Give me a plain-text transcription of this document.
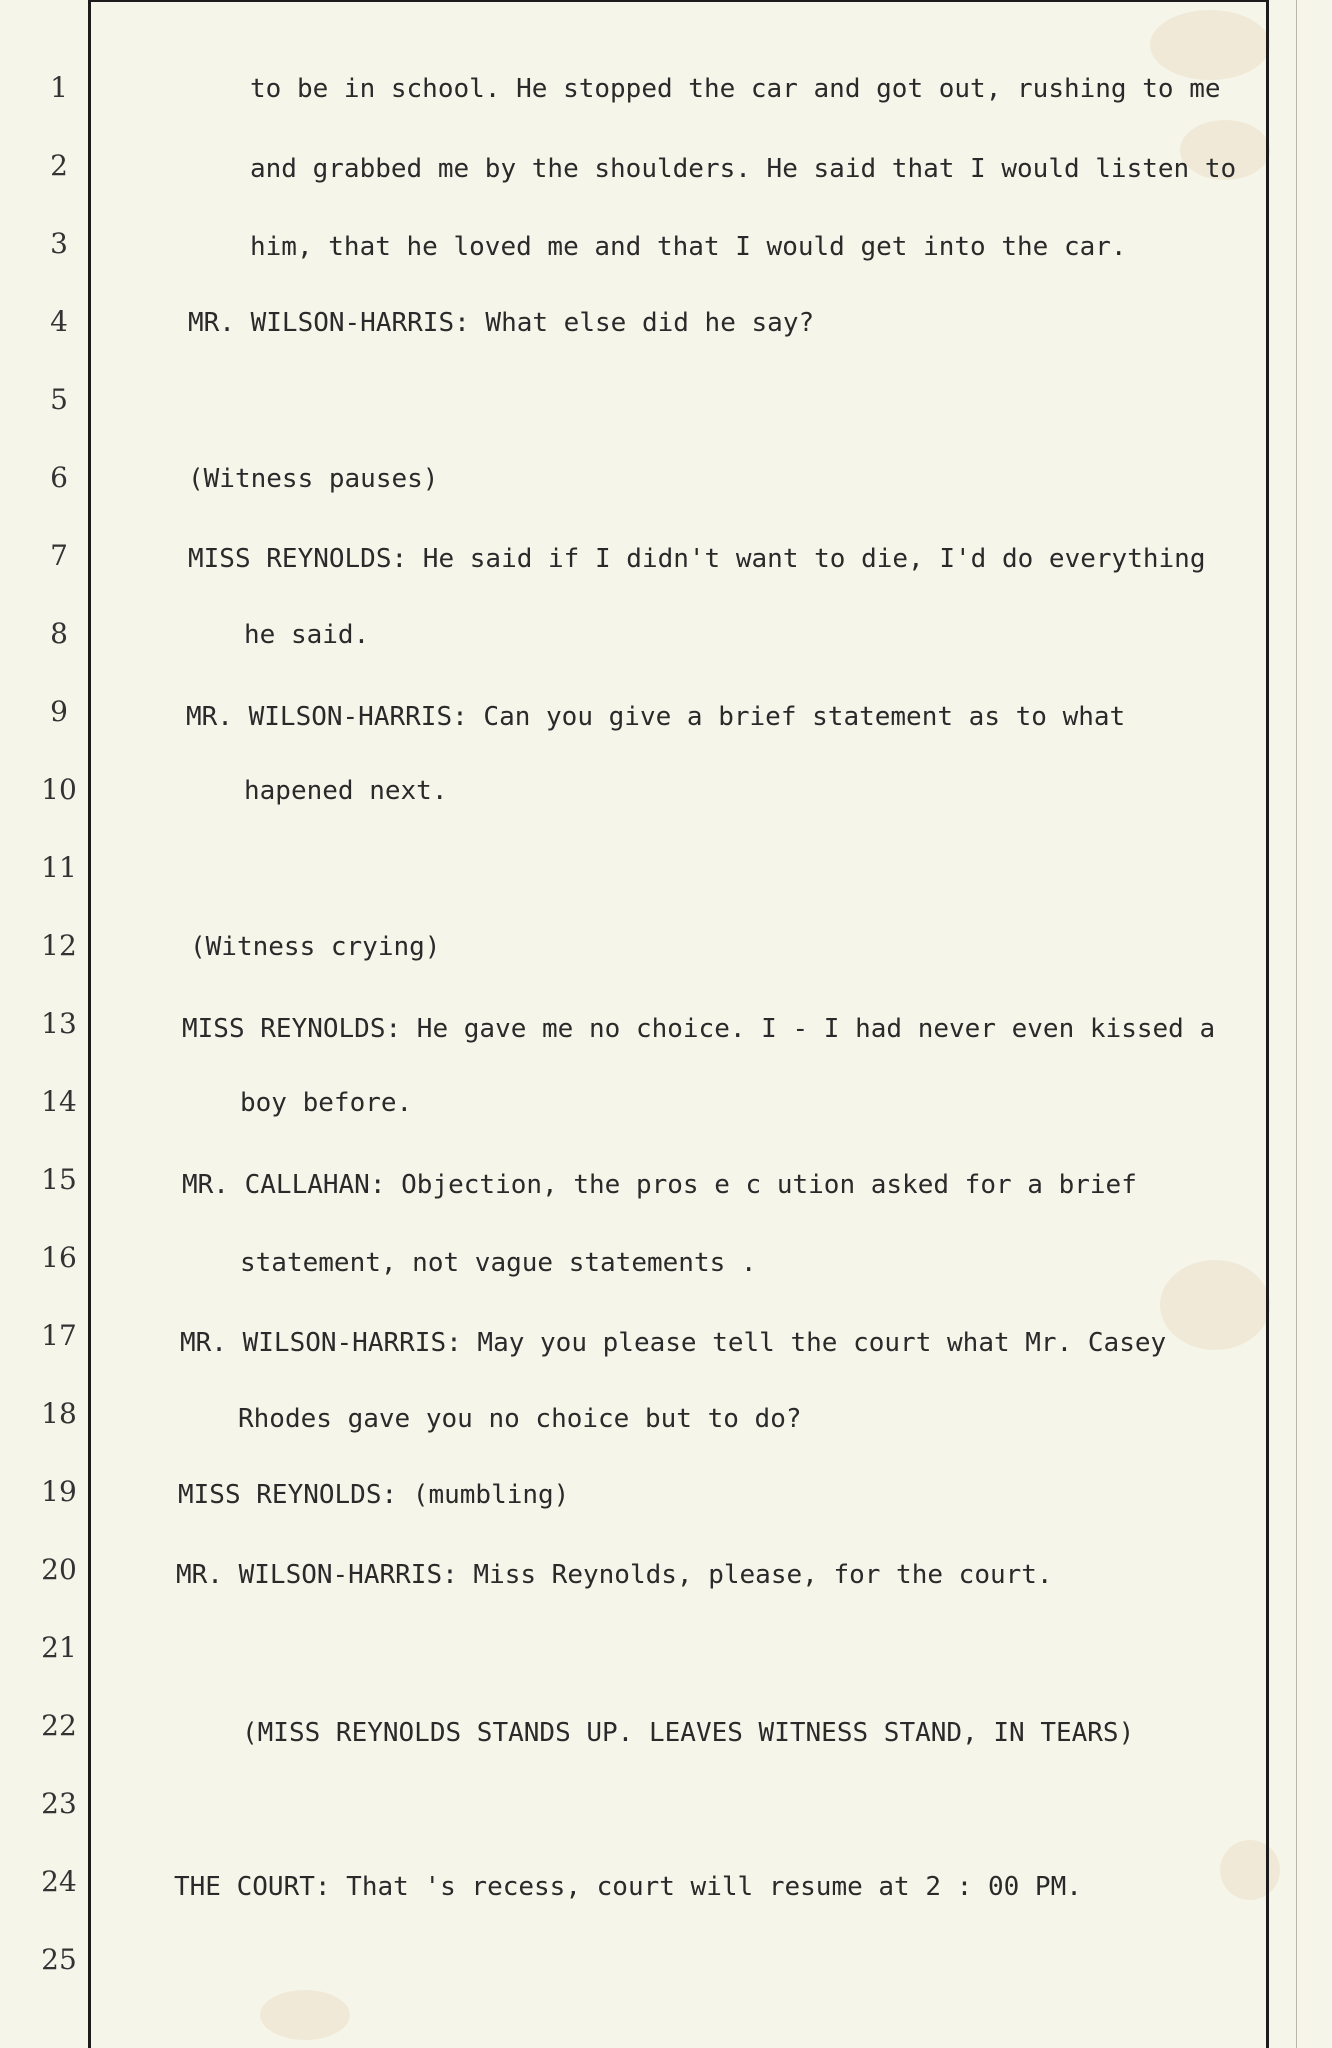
1
2
3
4
5
6
7
8
9
10
11
12
13
14
15
16
17
18
19
20
21
22
23
24
25
to be in school. He stopped the car and got out, rushing to me
and grabbed me by the shoulders. He said that I would listen to
him, that he loved me and that I would get into the car.
MR. WILSON-HARRIS: What else did he say?
(Witness pauses)
MISS REYNOLDS: He said if I didn't want to die, I'd do everything
he said.
MR. WILSON-HARRIS: Can you give a brief statement as to what
hapened next.
(Witness crying)
MISS REYNOLDS: He gave me no choice. I - I had never even kissed a
boy before.
MR. CALLAHAN: Objection, the pros e c ution asked for a brief
statement, not vague statements .
MR. WILSON-HARRIS: May you please tell the court what Mr. Casey
Rhodes gave you no choice but to do?
MISS REYNOLDS: (mumbling)
MR. WILSON-HARRIS: Miss Reynolds, please, for the court.
(MISS REYNOLDS STANDS UP. LEAVES WITNESS STAND, IN TEARS)
THE COURT: That 's recess, court will resume at 2 : 00 PM.
